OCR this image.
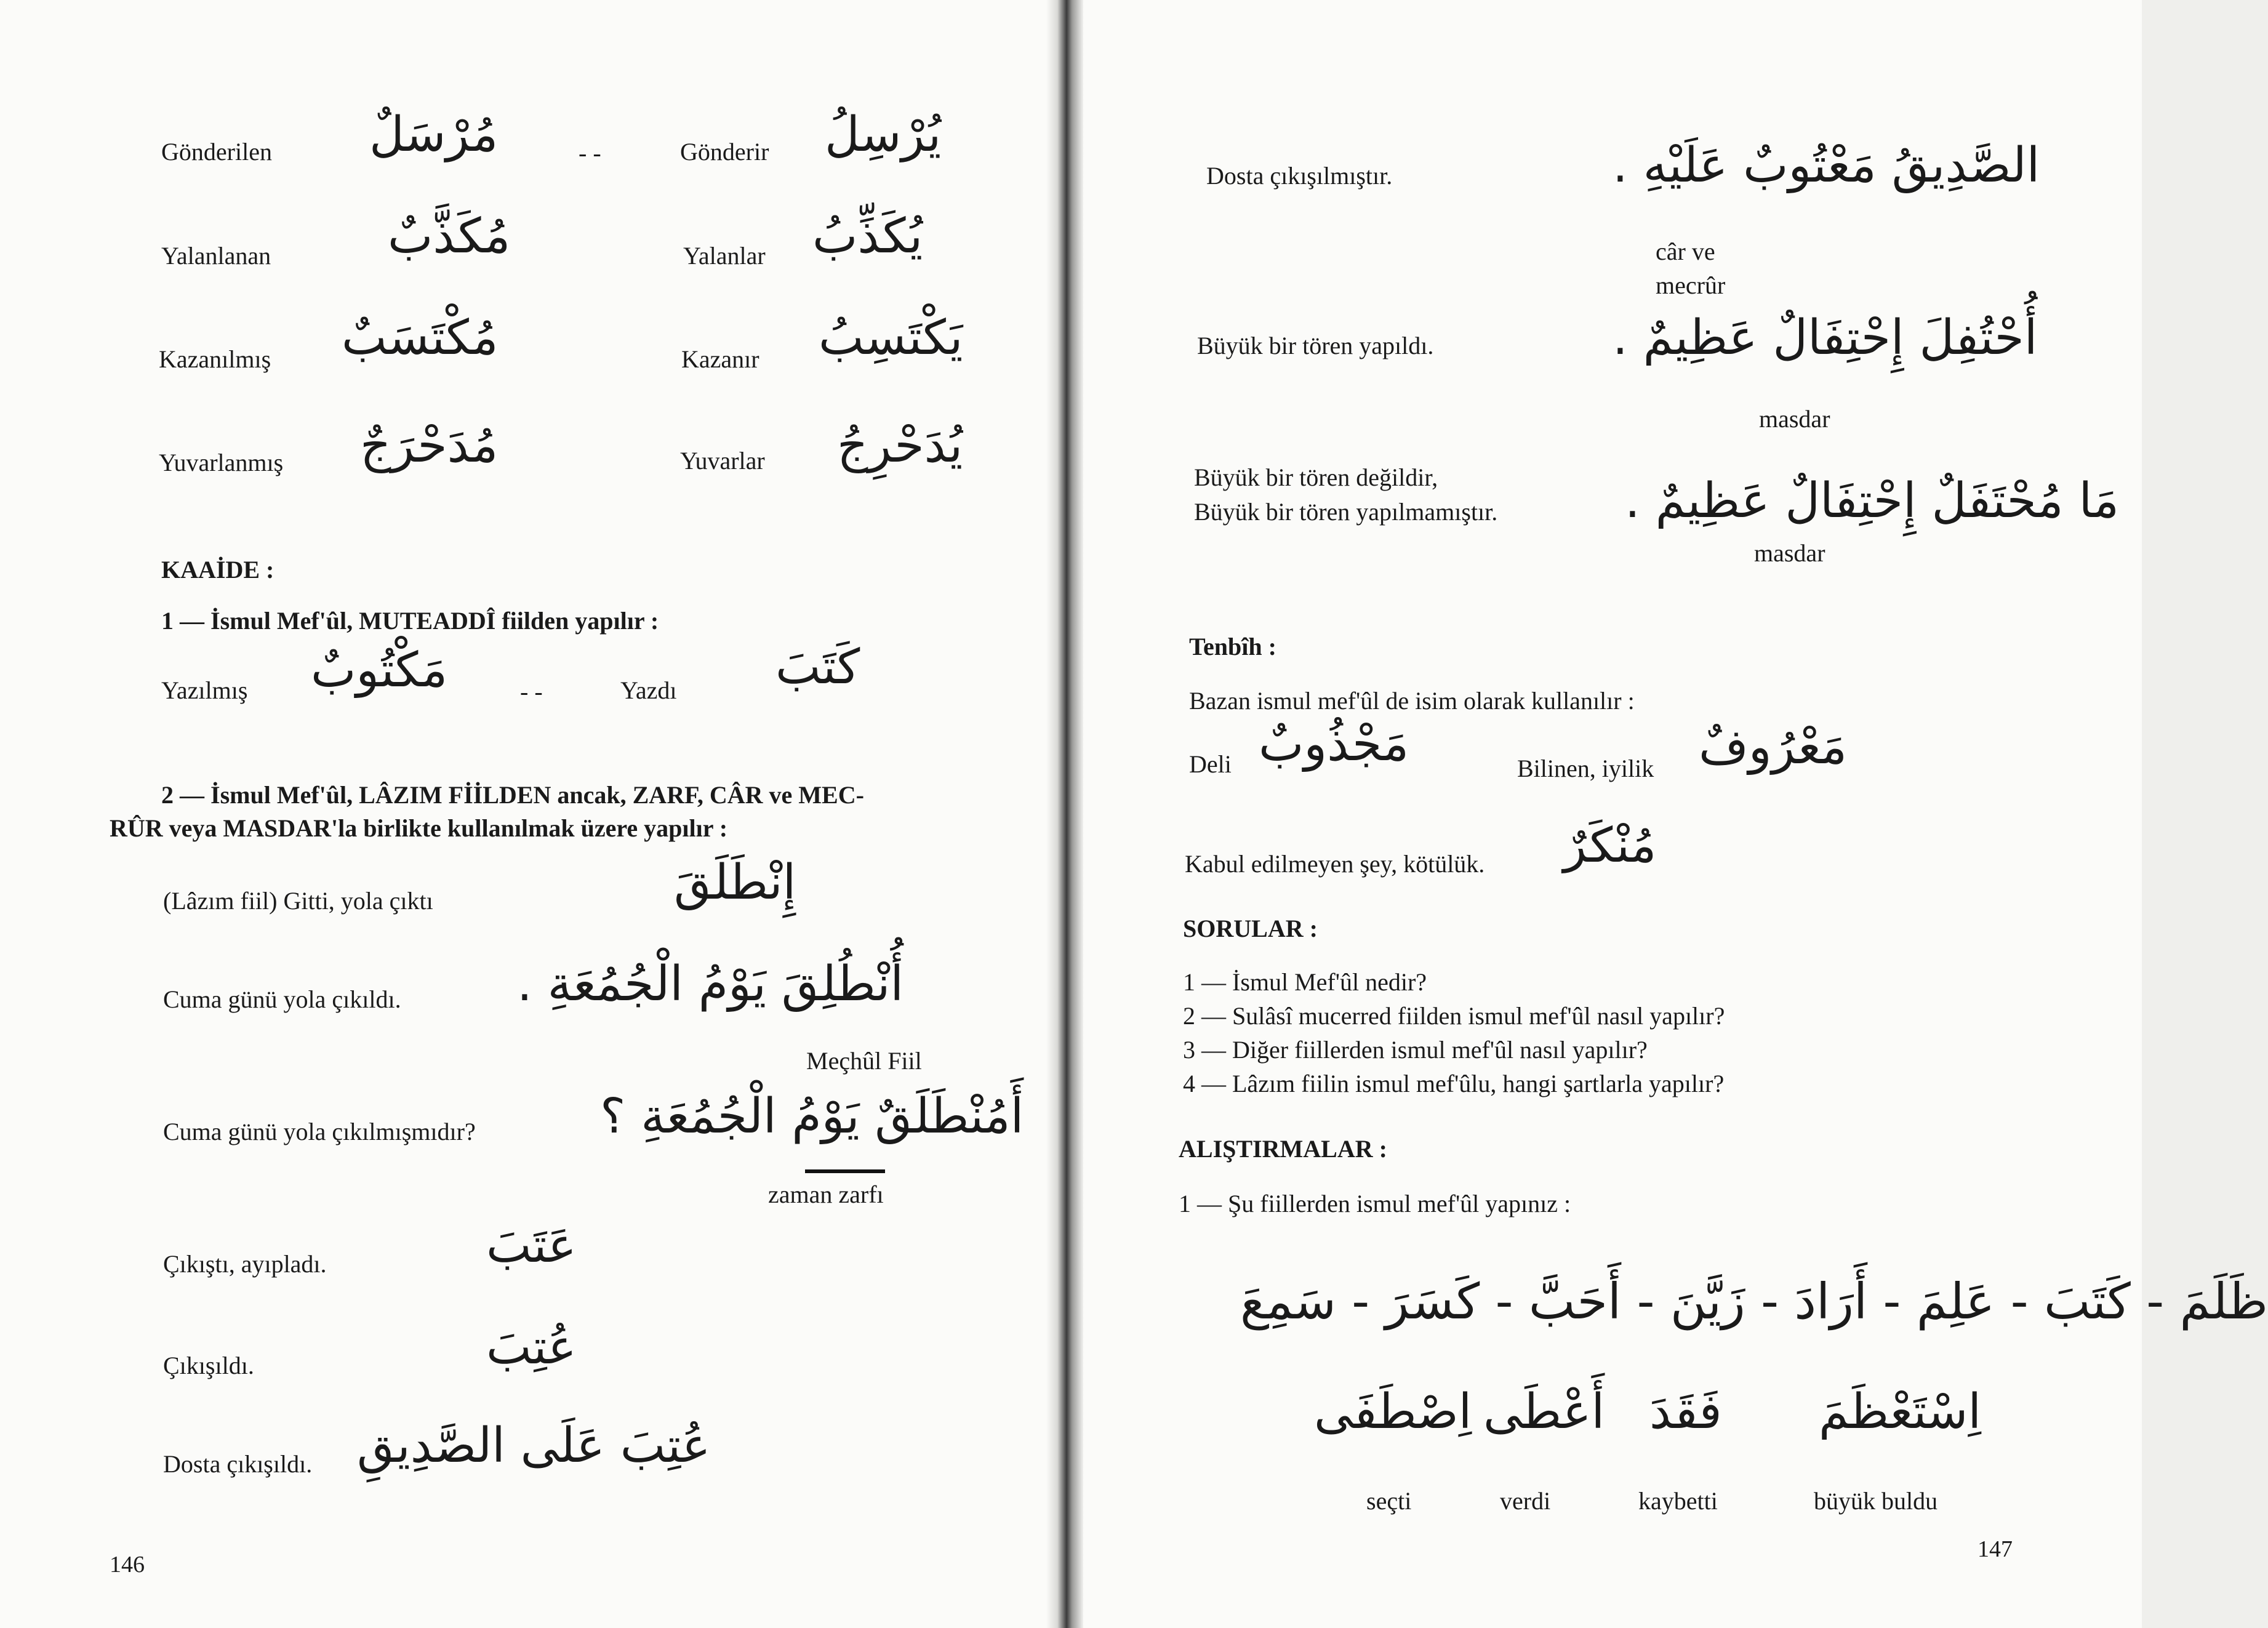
Gönderilen مُرْسَلٌ	- -	Gönderir يُرْسِلُ
Yalanlanan مُكَذَّبٌ	Yalanlar يُكَذِّبُ
Kazanılmış مُكْتَسَبٌ	Kazanır يَكْتَسِبُ
Yuvarlanmış مُدَحْرَجٌ	Yuvarlar يُدَحْرِجُ
KAAİDE :
1 — İsmul Mef'ûl, MUTEADDÎ fiilden yapılır :
Yazılmış مَكْتُوبٌ	- -	Yazdı كَتَبَ
2 — İsmul Mef'ûl, LÂZIM FİİLDEN ancak, ZARF, CÂR ve MEC-
RÛR veya MASDAR'la birlikte kullanılmak üzere yapılır :
(Lâzım fiil) Gitti, yola çıktı	إِنْطَلَقَ
Cuma günü yola çıkıldı. أُنْطُلِقَ يَوْمُ الْجُمُعَةِ .
Meçhûl Fiil
Cuma günü yola çıkılmışmıdır?	أَمُنْطَلَقٌ يَوْمُ الْجُمُعَةِ ؟
zaman zarfı
Çıkıştı, ayıpladı.	عَتَبَ
Çıkışıldı.	عُتِبَ
Dosta çıkışıldı. عُتِبَ عَلَى الصَّدِيقِ
146
Dosta çıkışılmıştır.	الصَّدِيقُ مَعْتُوبٌ عَلَيْهِ .
câr ve
mecrûr
Büyük bir tören yapıldı.	أُحْتُفِلَ إِحْتِفَالٌ عَظِيمٌ .
masdar
Büyük bir tören değildir,
Büyük bir tören yapılmamıştır.	مَا مُحْتَفَلٌ إِحْتِفَالٌ عَظِيمٌ .
masdar
Tenbîh :
Bazan ismul mef'ûl de isim olarak kullanılır :
Deli مَجْذُوبٌ	Bilinen, iyilik مَعْرُوفٌ
Kabul edilmeyen şey, kötülük. مُنْكَرٌ
SORULAR :
1 — İsmul Mef'ûl nedir?
2 — Sulâsî mucerred fiilden ismul mef'ûl nasıl yapılır?
3 — Diğer fiillerden ismul mef'ûl nasıl yapılır?
4 — Lâzım fiilin ismul mef'ûlu, hangi şartlarla yapılır?
ALIŞTIRMALAR :
1 — Şu fiillerden ismul mef'ûl yapınız :
ظَلَمَ - كَتَبَ - عَلِمَ - أَرَادَ - زَيَّنَ - أَحَبَّ - كَسَرَ - سَمِعَ
اِصْطَفَى أَعْطَى فَقَدَ اِسْتَعْظَمَ
seçti	verdi	kaybetti	büyük buldu
147
